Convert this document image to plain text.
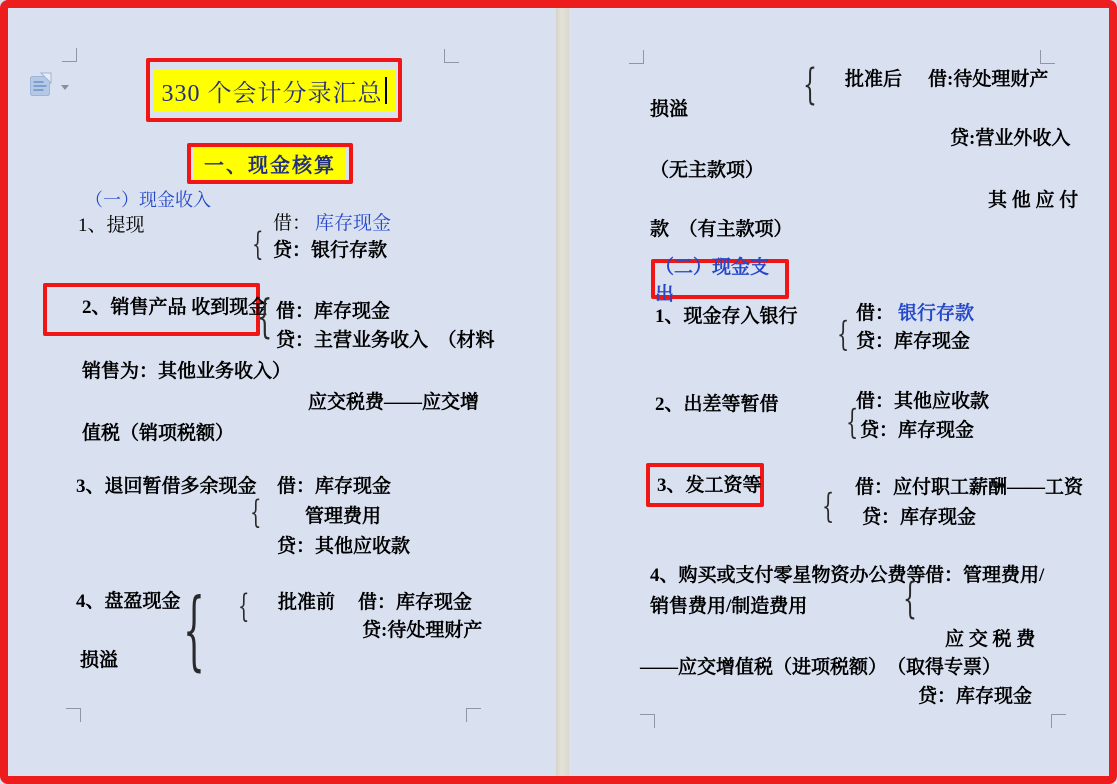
330 个会计分录汇总
一、现金核算
（一）现金收入
1、提现
{
借： 库存现金
贷：银行存款
2、销售产品 收到现金
{ 借：库存现金
贷：主营业务收入　（材料
销售为：其他业务收入）
应交税费——应交增
值税（销项税额）
3、退回暂借多余现金 借：库存现金
{ 管理费用
贷：其他应收款
4、盘盈现金 { { 批准前 借：库存现金
贷:待处理财产
损溢
{ 批准后 借:待处理财产
损溢
贷:营业外收入
（无主款项）
其 他 应 付
款　（有主款项）
（二）现金支出
1、现金存入银行 {
借： 银行存款
贷：库存现金
2、出差等暂借	借：其他应收款
{ 贷：库存现金
3、发工资等
{ 借：应付职工薪酬——工资
贷：库存现金
4、购买或支付零星物资办公费等 借：管理费用/
{
销售费用/制造费用
应 交 税 费
——应交增值税（进项税额）　（取得专票）
贷：库存现金
